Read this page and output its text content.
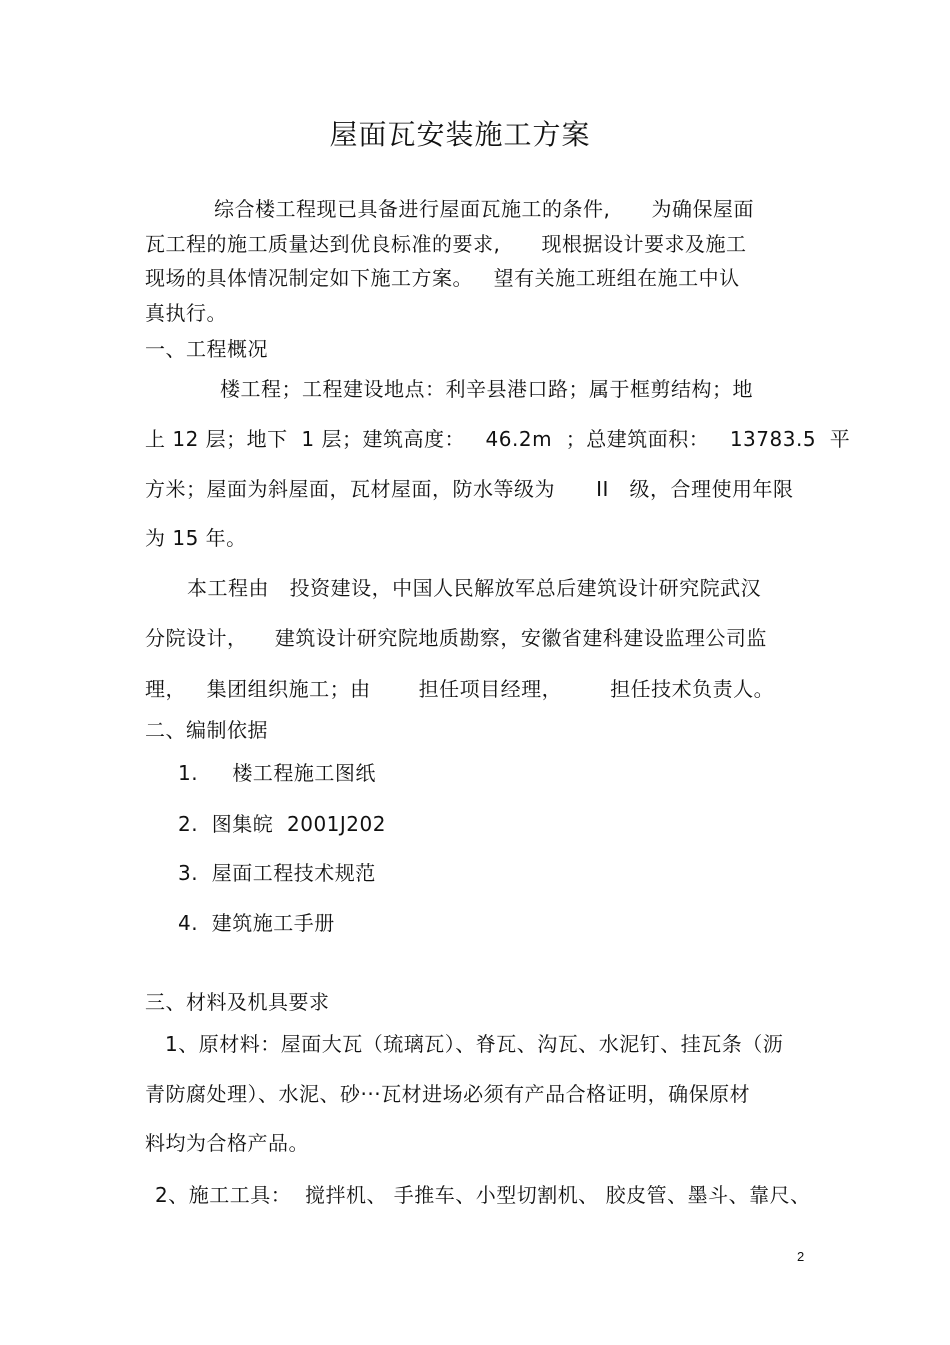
屋面瓦安装施工方案
综合楼工程现已具备进行屋面瓦施工的条件,      为确保屋面
瓦工程的施工质量达到优良标准的要求,      现根据设计要求及施工
现场的具体情况制定如下施工方案。   望有关施工班组在施工中认
真执行。
一、工程概况
楼工程；工程建设地点：利辛县港口路；属于框剪结构；地
上 12 层；地下  1 层；建筑高度：   46.2m  ；总建筑面积：   13783.5  平
方米；屋面为斜屋面，瓦材屋面，防水等级为      II   级，合理使用年限
为 15 年。
本工程由   投资建设，中国人民解放军总后建筑设计研究院武汉
分院设计，    建筑设计研究院地质勘察，安徽省建科建设监理公司监
理，   集团组织施工；由       担任项目经理，       担任技术负责人。
二、编制依据
1.     楼工程施工图纸
2.  图集皖  2001J202
3.  屋面工程技术规范
4.  建筑施工手册
三、材料及机具要求
1、原材料：屋面大瓦（琉璃瓦）、脊瓦、沟瓦、水泥钉、挂瓦条（沥
青防腐处理）、水泥、砂···瓦材进场必须有产品合格证明，确保原材
料均为合格产品。
2、施工工具：  搅拌机、 手推车、小型切割机、 胶皮管、墨斗、靠尺、
2
